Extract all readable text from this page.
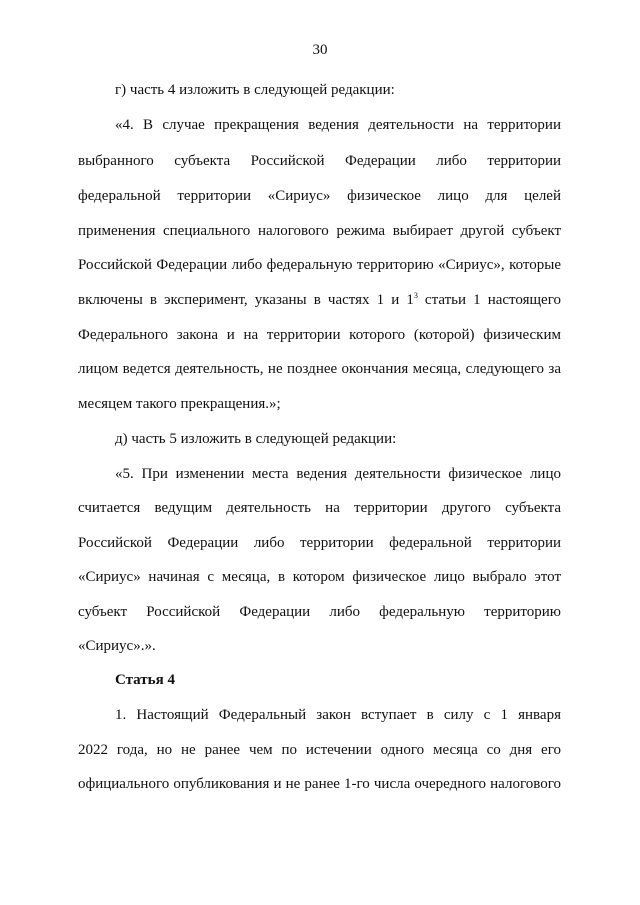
30
г) часть 4 изложить в следующей редакции:
«4. В случае прекращения ведения деятельности на территории
выбранного субъекта Российской Федерации либо территории
федеральной территории «Сириус» физическое лицо для целей
применения специального налогового режима выбирает другой субъект
Российской Федерации либо федеральную территорию «Сириус», которые
включены в эксперимент, указаны в частях 1 и $1^3$ статьи 1 настоящего
Федерального закона и на территории которого (которой) физическим
лицом ведется деятельность, не позднее окончания месяца, следующего за
месяцем такого прекращения.»;
д) часть 5 изложить в следующей редакции:
«5. При изменении места ведения деятельности физическое лицо
считается ведущим деятельность на территории другого субъекта
Российской Федерации либо территории федеральной территории
«Сириус» начиная с месяца, в котором физическое лицо выбрало этот
субъект Российской Федерации либо федеральную территорию
«Сириус».».
Статья 4
1. Настоящий Федеральный закон вступает в силу с 1 января
2022 года, но не ранее чем по истечении одного месяца со дня его
официального опубликования и не ранее 1-го числа очередного налогового
